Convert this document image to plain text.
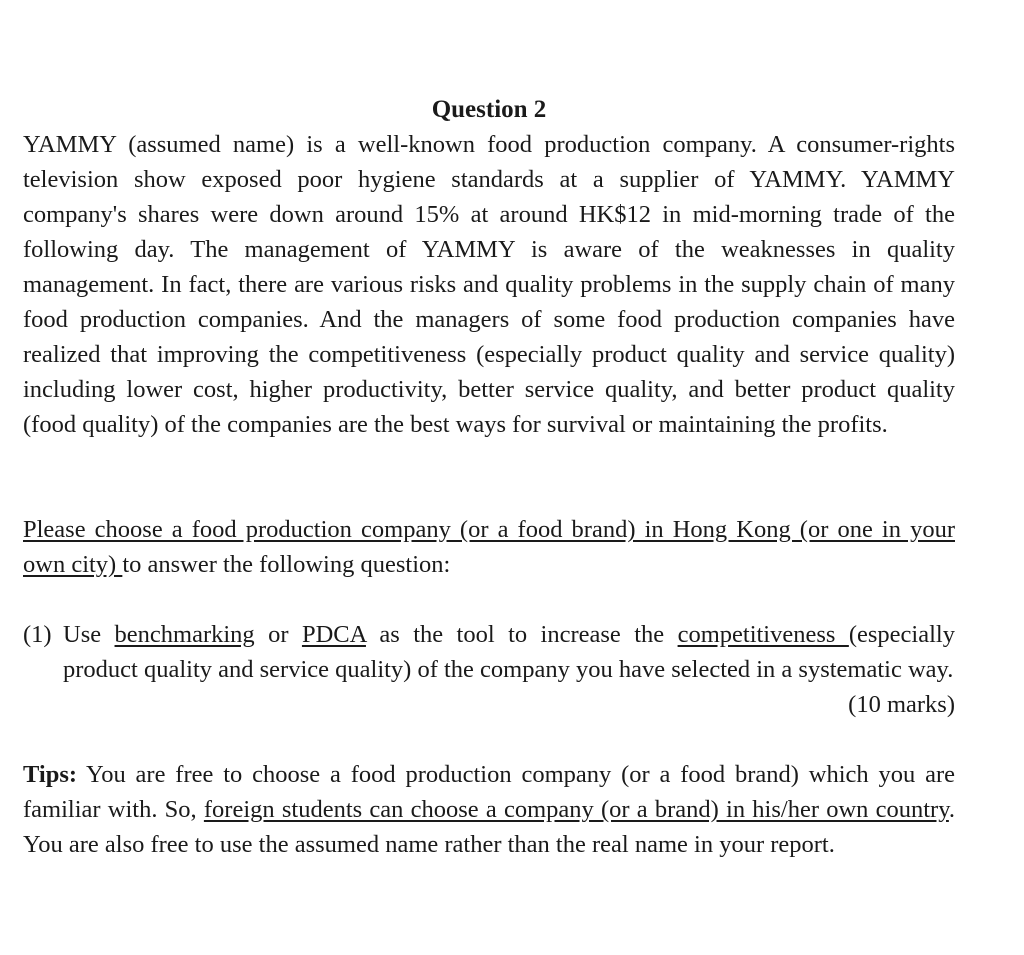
Question 2

YAMMY (assumed name) is a well-known food production company. A consumer-rights television show exposed poor hygiene standards at a supplier of YAMMY. YAMMY company's shares were down around 15% at around HK$12 in mid-morning trade of the following day. The management of YAMMY is aware of the weaknesses in quality management. In fact, there are various risks and quality problems in the supply chain of many food production companies. And the managers of some food production companies have realized that improving the competitiveness (especially product quality and service quality) including lower cost, higher productivity, better service quality, and better product quality (food quality) of the companies are the best ways for survival or maintaining the profits.

Please choose a food production company (or a food brand) in Hong Kong (or one in your own city) to answer the following question:

(1) Use benchmarking or PDCA as the tool to increase the competitiveness (especially product quality and service quality) of the company you have selected in a systematic way.

(10 marks)

Tips: You are free to choose a food production company (or a food brand) which you are familiar with. So, foreign students can choose a company (or a brand) in his/her own country. You are also free to use the assumed name rather than the real name in your report.
